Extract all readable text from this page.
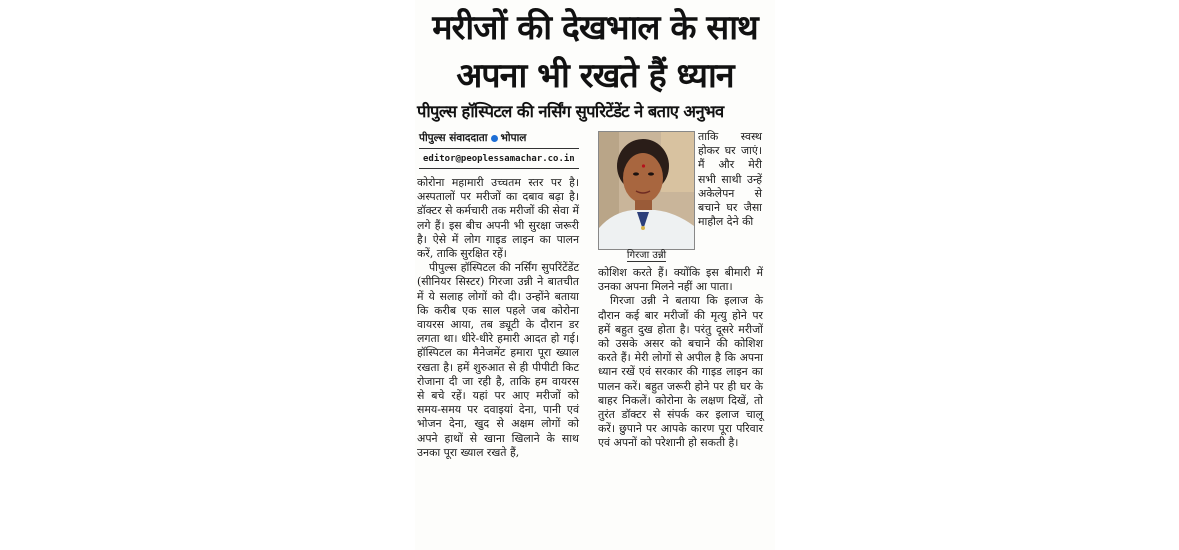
मरीजों की देखभाल के साथ
अपना भी रखते हैं ध्यान
पीपुल्स हॉस्पिटल की नर्सिंग सुपरिटेंडेंट ने बताए अनुभव
पीपुल्स संवाददाता भोपाल
editor@peoplessamachar.co.in

कोरोना महामारी उच्चतम स्तर पर है। अस्पतालों पर मरीजों का दबाव बढ़ा है। डॉक्टर से कर्मचारी तक मरीजों की सेवा में लगे हैं। इस बीच अपनी भी सुरक्षा जरूरी है। ऐसे में लोग गाइड लाइन का पालन करें, ताकि सुरक्षित रहें।

पीपुल्स हॉस्पिटल की नर्सिंग सुपरिंटेंडेंट (सीनियर सिस्टर) गिरजा उन्नी ने बातचीत में ये सलाह लोगों को दी। उन्होंने बताया कि करीब एक साल पहले जब कोरोना वायरस आया, तब ड्यूटी के दौरान डर लगता था। धीरे-धीरे हमारी आदत हो गई। हॉस्पिटल का मैनेजमेंट हमारा पूरा ख्याल रखता है। हमें शुरुआत से ही पीपीटी किट रोजाना दी जा रही है, ताकि हम वायरस से बचे रहें। यहां पर आए मरीजों को समय-समय पर दवाइयां देना, पानी एवं भोजन देना, खुद से अक्षम लोगों को अपने हाथों से खाना खिलाने के साथ उनका पूरा ख्याल रखते हैं,

गिरजा उन्नी

ताकि स्वस्थ होकर घर जाएं। मैं और मेरी सभी साथी उन्हें अकेलेपन से बचाने घर जैसा माहौल देने की

कोशिश करते हैं। क्योंकि इस बीमारी में उनका अपना मिलने नहीं आ पाता।

गिरजा उन्नी ने बताया कि इलाज के दौरान कई बार मरीजों की मृत्यु होने पर हमें बहुत दुख होता है। परंतु दूसरे मरीजों को उसके असर को बचाने की कोशिश करते हैं। मेरी लोगों से अपील है कि अपना ध्यान रखें एवं सरकार की गाइड लाइन का पालन करें। बहुत जरूरी होने पर ही घर के बाहर निकलें। कोरोना के लक्षण दिखें, तो तुरंत डॉक्टर से संपर्क कर इलाज चालू करें। छुपाने पर आपके कारण पूरा परिवार एवं अपनों को परेशानी हो सकती है।
